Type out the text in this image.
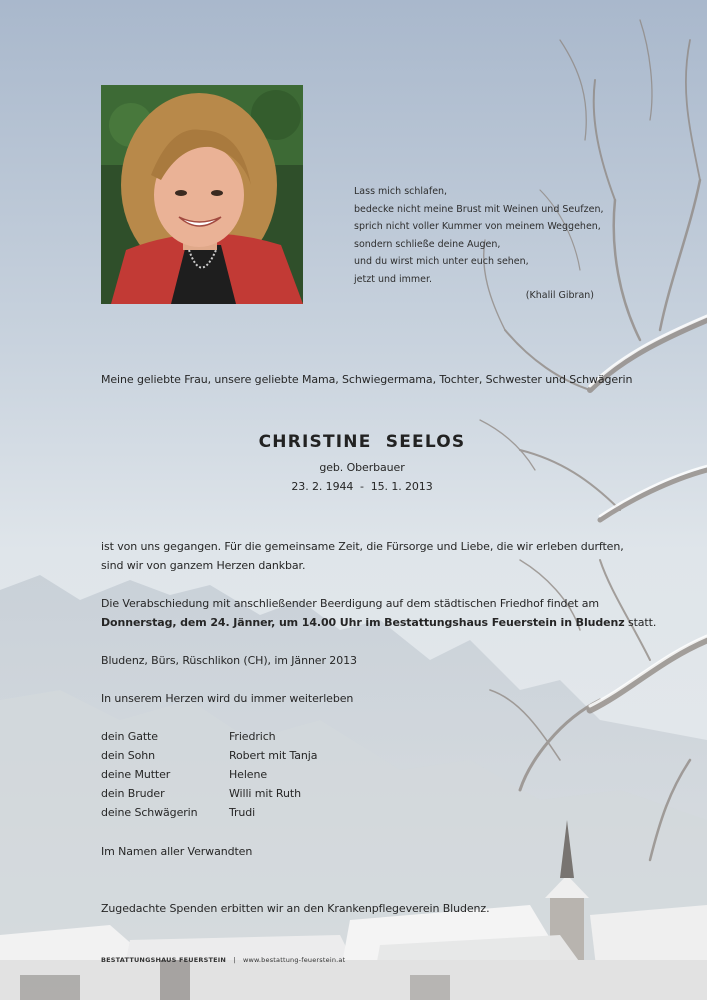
Lass mich schlafen,
bedecke nicht meine Brust mit Weinen und Seufzen,
sprich nicht voller Kummer von meinem Weggehen,
sondern schließe deine Augen,
und du wirst mich unter euch sehen,
jetzt und immer.
(Khalil Gibran)
Meine geliebte Frau, unsere geliebte Mama, Schwiegermama, Tochter, Schwester und Schwägerin
CHRISTINE  SEELOS
geb. Oberbauer
23. 2. 1944  -  15. 1. 2013
ist von uns gegangen. Für die gemeinsame Zeit, die Fürsorge und Liebe, die wir erleben durften,
sind wir von ganzem Herzen dankbar.
Die Verabschiedung mit anschließender Beerdigung auf dem städtischen Friedhof findet am
Donnerstag, dem 24. Jänner, um 14.00 Uhr im Bestattungshaus Feuerstein in Bludenz statt.
Bludenz, Bürs, Rüschlikon (CH), im Jänner 2013
In unserem Herzen wird du immer weiterleben
dein Gatte	Friedrich
dein Sohn	Robert mit Tanja
deine Mutter	Helene
dein Bruder	Willi mit Ruth
deine Schwägerin	Trudi
Im Namen aller Verwandten
Zugedachte Spenden erbitten wir an den Krankenpflegeverein Bludenz.
BESTATTUNGSHAUS FEUERSTEIN | www.bestattung-feuerstein.at
